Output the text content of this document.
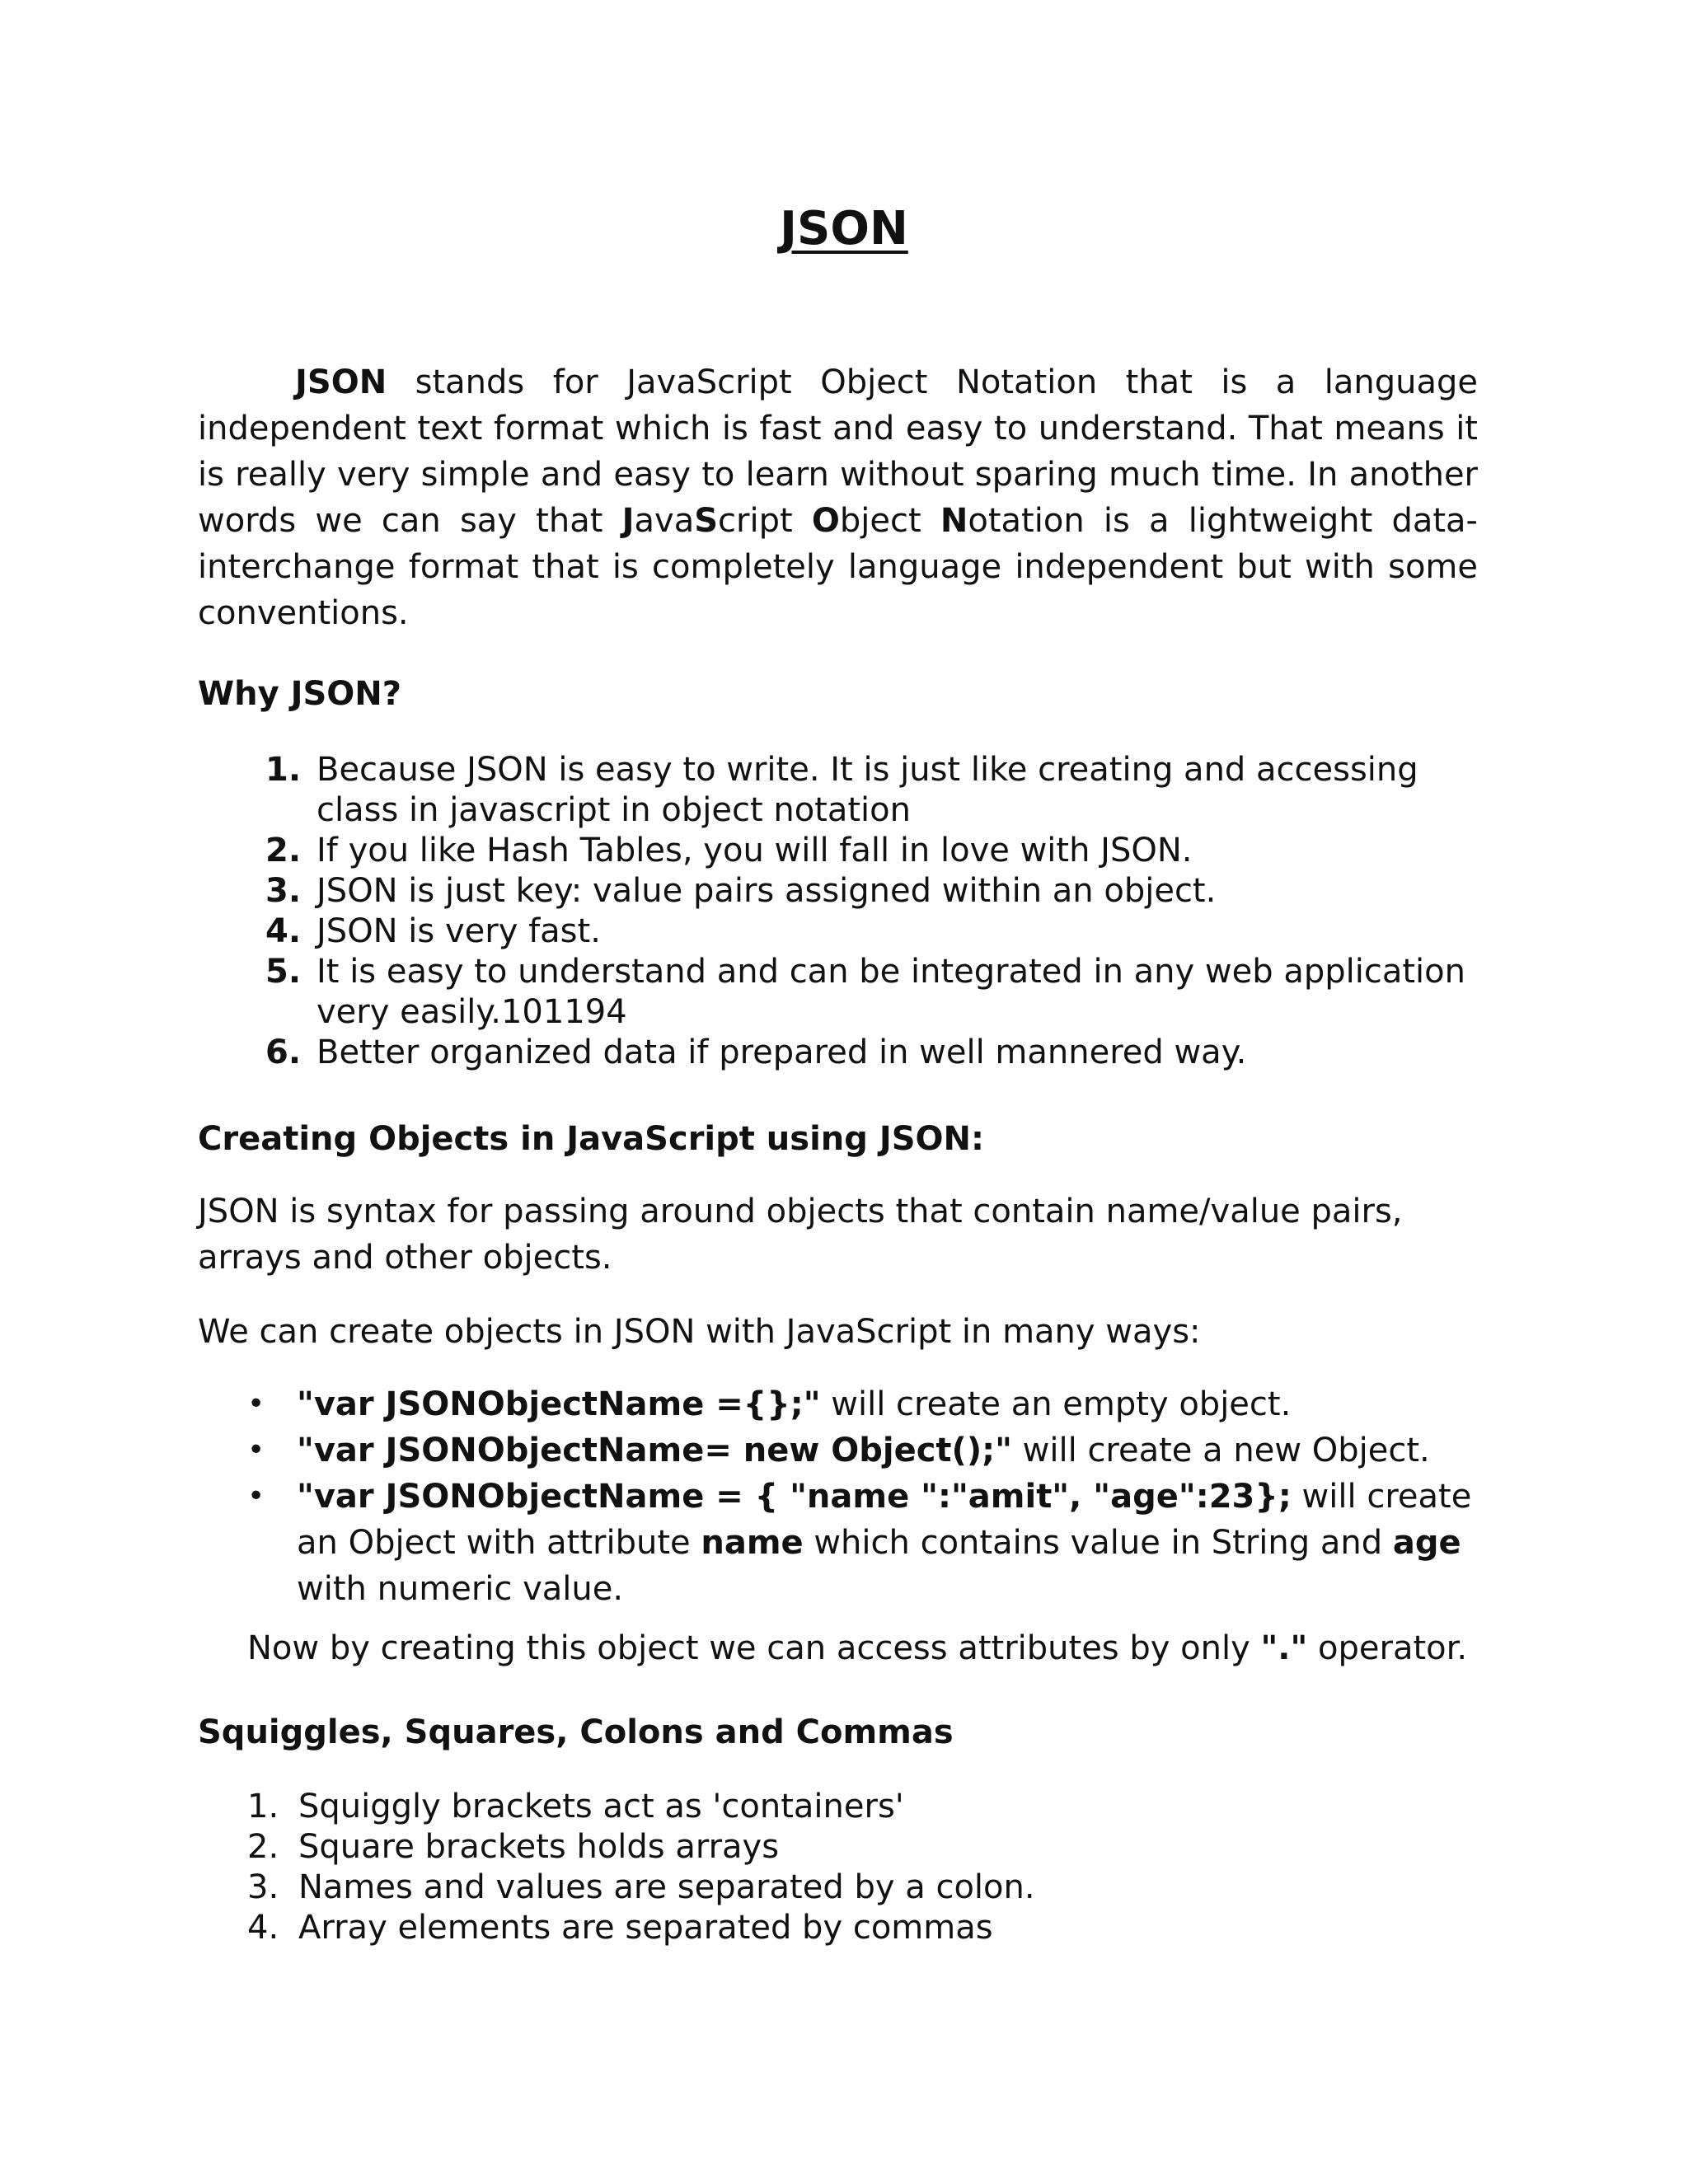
JSON

JSON stands for JavaScript Object Notation that is a language independent text format which is fast and easy to understand. That means it is really very simple and easy to learn without sparing much time. In another words we can say that JavaScript Object Notation is a lightweight data-interchange format that is completely language independent but with some conventions.

Why JSON?
1. Because JSON is easy to write. It is just like creating and accessing class in javascript in object notation
2. If you like Hash Tables, you will fall in love with JSON.
3. JSON is just key: value pairs assigned within an object.
4. JSON is very fast.
5. It is easy to understand and can be integrated in any web application very easily.101194
6. Better organized data if prepared in well mannered way.
Creating Objects in JavaScript using JSON:

JSON is syntax for passing around objects that contain name/value pairs, arrays and other objects.

We can create objects in JSON with JavaScript in many ways:

• "var JSONObjectName ={};" will create an empty object.
• "var JSONObjectName= new Object();" will create a new Object.
• "var JSONObjectName = { "name ":"amit", "age":23}; will create an Object with attribute name which contains value in String and age with numeric value.

Now by creating this object we can access attributes by only "." operator.

Squiggles, Squares, Colons and Commas
1. Squiggly brackets act as 'containers'
2. Square brackets holds arrays
3. Names and values are separated by a colon.
4. Array elements are separated by commas
